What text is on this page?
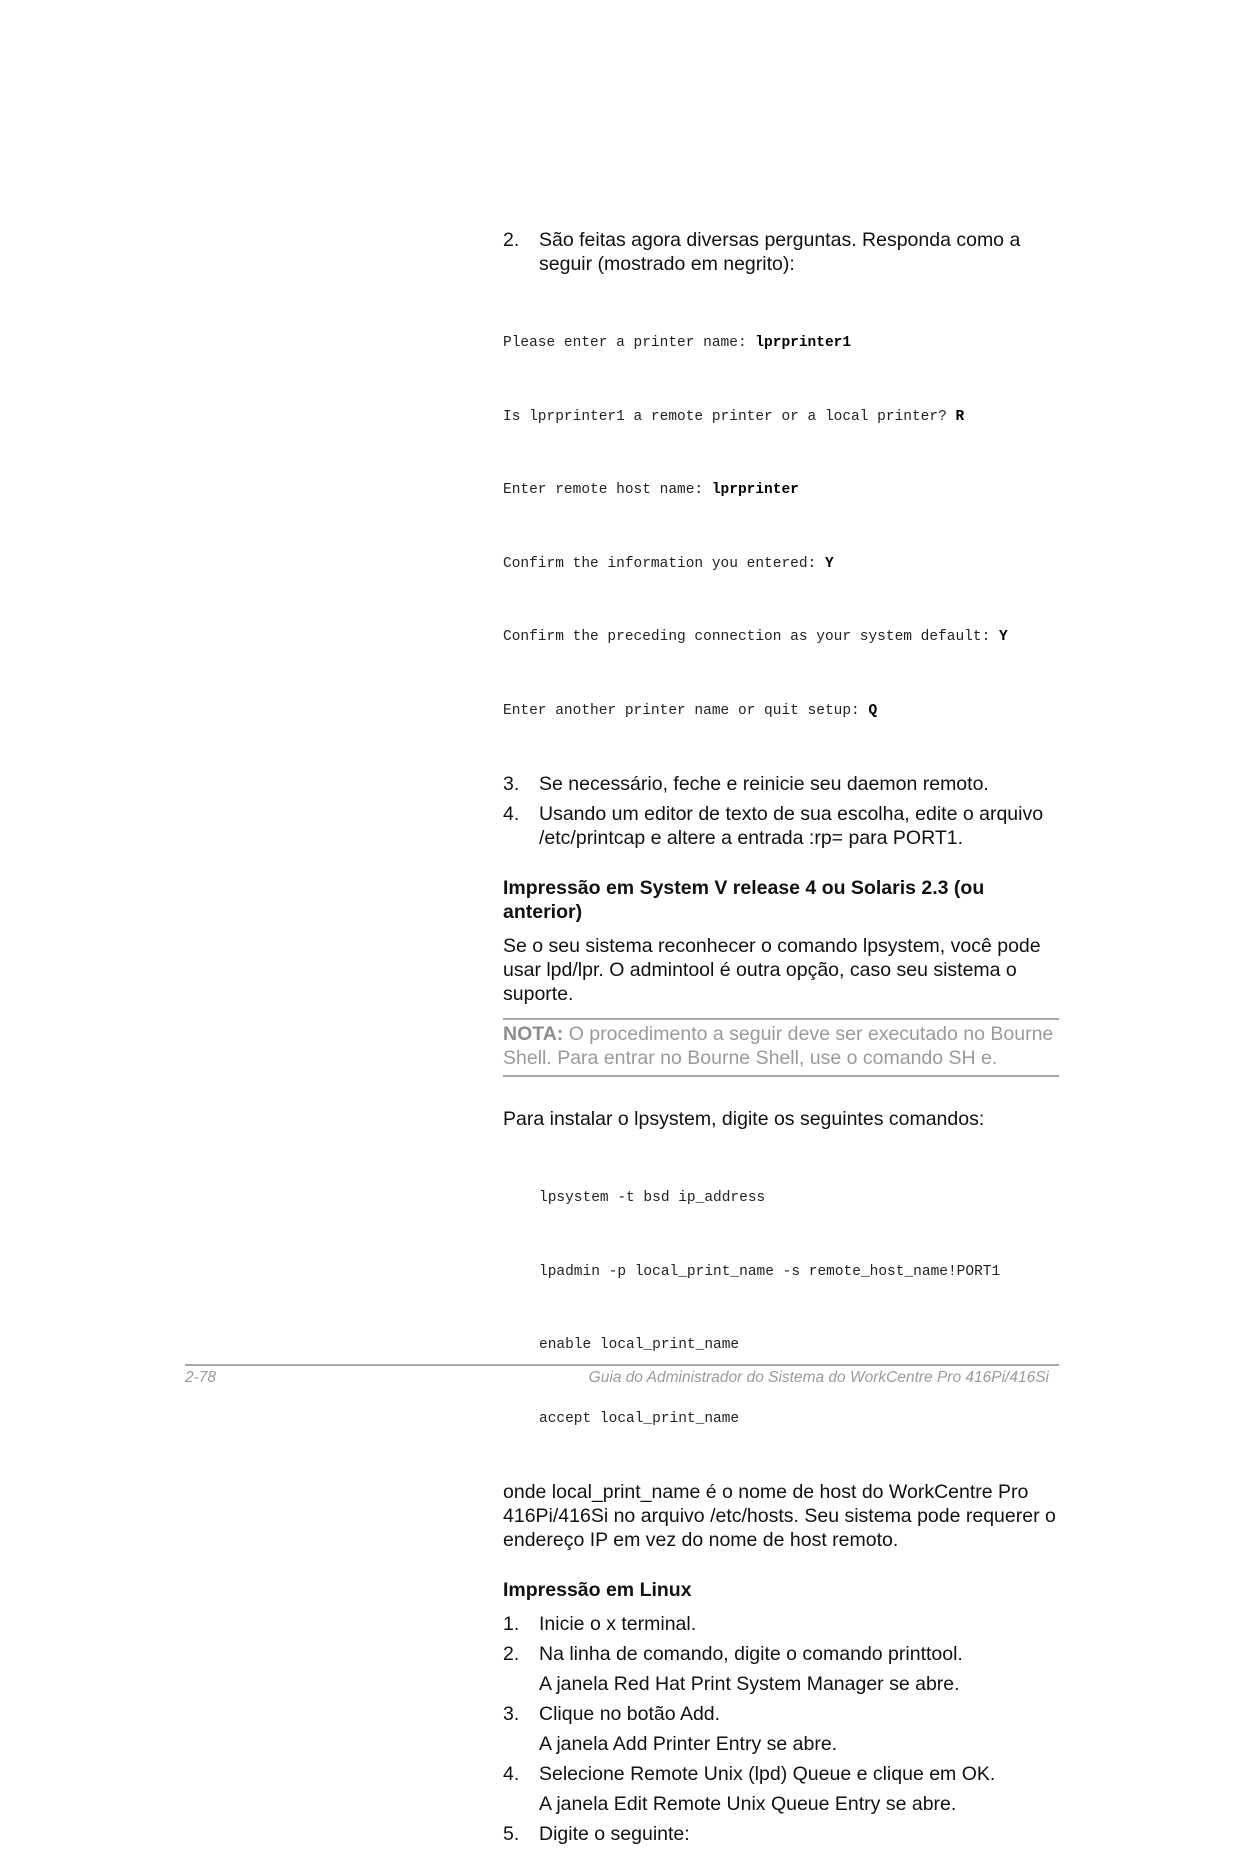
2.	São feitas agora diversas perguntas. Responda como a seguir (mostrado em negrito):

Please enter a printer name: lprprinter1

Is lprprinter1 a remote printer or a local printer? R

Enter remote host name: lprprinter

Confirm the information you entered: Y

Confirm the preceding connection as your system default: Y

Enter another printer name or quit setup: Q

3.	Se necessário, feche e reinicie seu daemon remoto.
4.	Usando um editor de texto de sua escolha, edite o arquivo /etc/printcap e altere a entrada :rp= para PORT1.
Impressão em System V release 4 ou Solaris 2.3 (ou anterior)

Se o seu sistema reconhecer o comando lpsystem, você pode usar lpd/lpr. O admintool é outra opção, caso seu sistema o suporte.

NOTA: O procedimento a seguir deve ser executado no Bourne Shell. Para entrar no Bourne Shell, use o comando SH e.

Para instalar o lpsystem, digite os seguintes comandos:

lpsystem -t bsd ip_address

lpadmin -p local_print_name -s remote_host_name!PORT1

enable local_print_name

accept local_print_name

onde local_print_name é o nome de host do WorkCentre Pro 416Pi/416Si no arquivo /etc/hosts. Seu sistema pode requerer o endereço IP em vez do nome de host remoto.

Impressão em Linux
1.	Inicie o x terminal.
2.	Na linha de comando, digite o comando printtool.
A janela Red Hat Print System Manager se abre.
3.	Clique no botão Add.
A janela Add Printer Entry se abre.
4.	Selecione Remote Unix (lpd) Queue e clique em OK.
A janela Edit Remote Unix Queue Entry se abre.
5.	Digite o seguinte:
2-78	Guia do Administrador do Sistema do WorkCentre Pro 416Pi/416Si
